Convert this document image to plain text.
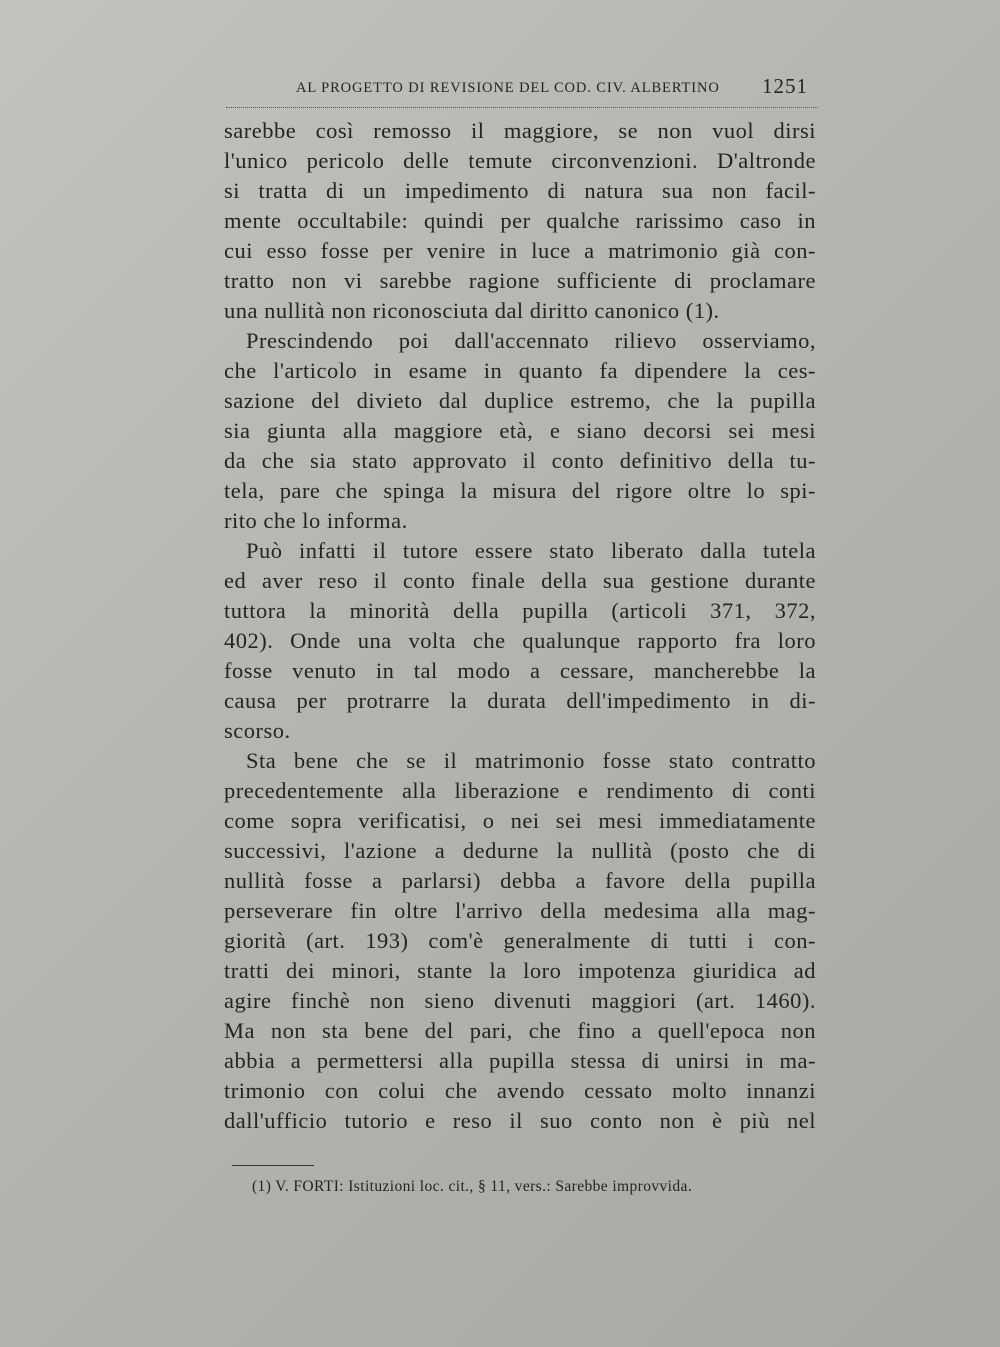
AL PROGETTO DI REVISIONE DEL COD. CIV. ALBERTINO 1251
sarebbe così remosso il maggiore, se non vuol dirsi
l'unico pericolo delle temute circonvenzioni. D'altronde
si tratta di un impedimento di natura sua non facil-
mente occultabile: quindi per qualche rarissimo caso in
cui esso fosse per venire in luce a matrimonio già con-
tratto non vi sarebbe ragione sufficiente di proclamare
una nullità non riconosciuta dal diritto canonico (1).
Prescindendo poi dall'accennato rilievo osserviamo,
che l'articolo in esame in quanto fa dipendere la ces-
sazione del divieto dal duplice estremo, che la pupilla
sia giunta alla maggiore età, e siano decorsi sei mesi
da che sia stato approvato il conto definitivo della tu-
tela, pare che spinga la misura del rigore oltre lo spi-
rito che lo informa.
Può infatti il tutore essere stato liberato dalla tutela
ed aver reso il conto finale della sua gestione durante
tuttora la minorità della pupilla (articoli 371, 372,
402). Onde una volta che qualunque rapporto fra loro
fosse venuto in tal modo a cessare, mancherebbe la
causa per protrarre la durata dell'impedimento in di-
scorso.
Sta bene che se il matrimonio fosse stato contratto
precedentemente alla liberazione e rendimento di conti
come sopra verificatisi, o nei sei mesi immediatamente
successivi, l'azione a dedurne la nullità (posto che di
nullità fosse a parlarsi) debba a favore della pupilla
perseverare fin oltre l'arrivo della medesima alla mag-
giorità (art. 193) com'è generalmente di tutti i con-
tratti dei minori, stante la loro impotenza giuridica ad
agire finchè non sieno divenuti maggiori (art. 1460).
Ma non sta bene del pari, che fino a quell'epoca non
abbia a permettersi alla pupilla stessa di unirsi in ma-
trimonio con colui che avendo cessato molto innanzi
dall'ufficio tutorio e reso il suo conto non è più nel
(1) V. FORTI: Istituzioni loc. cit., § 11, vers.: Sarebbe improvvida.
